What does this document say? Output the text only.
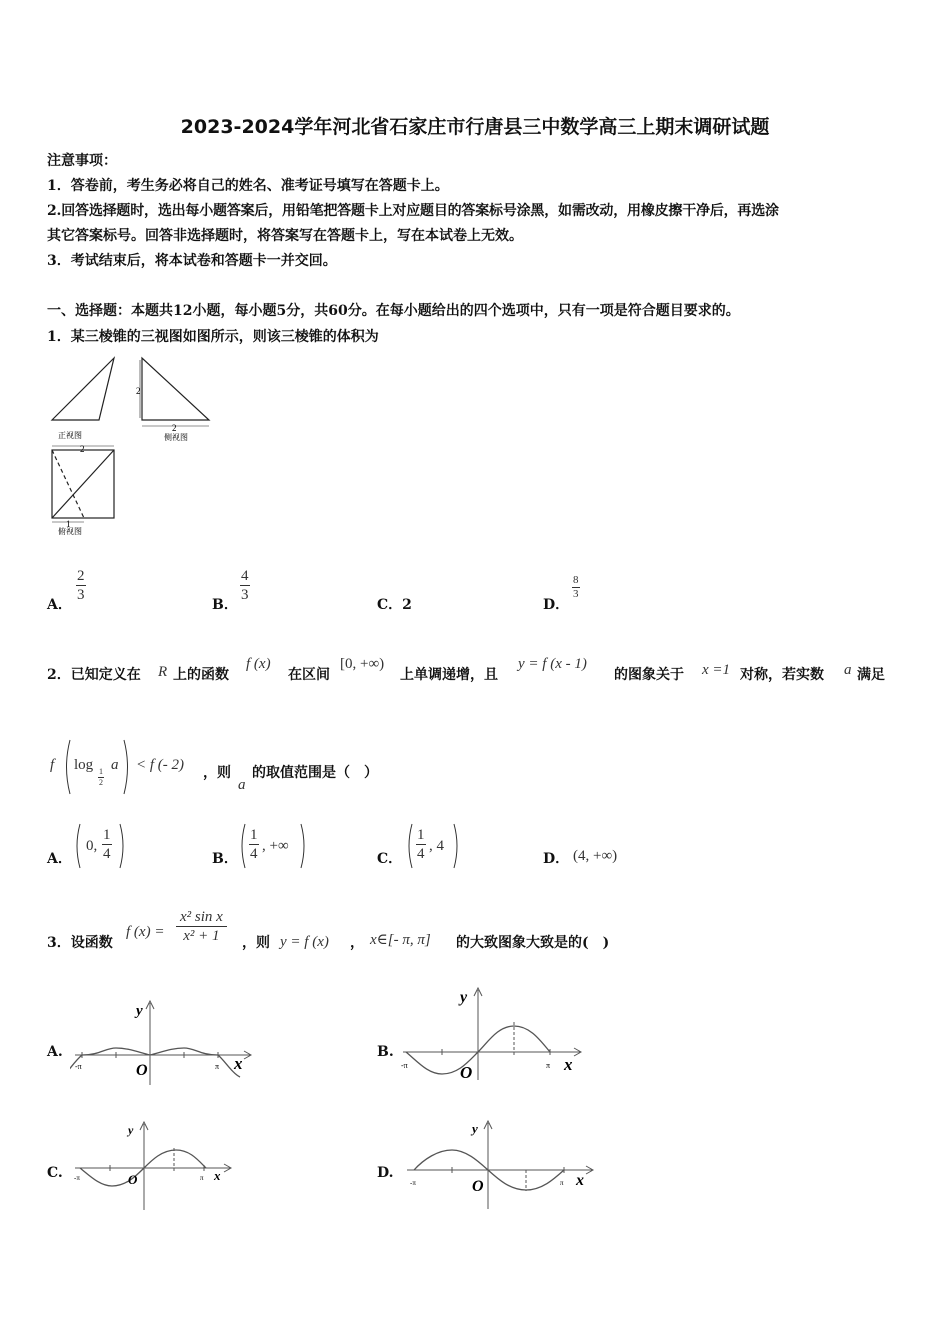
2023-2024学年河北省石家庄市行唐县三中数学高三上期末调研试题
注意事项：
1．答卷前，考生务必将自己的姓名、准考证号填写在答题卡上。
2.回答选择题时，选出每小题答案后，用铅笔把答题卡上对应题目的答案标号涂黑，如需改动，用橡皮擦干净后，再选涂
其它答案标号。回答非选择题时，将答案写在答题卡上，写在本试卷上无效。
3．考试结束后，将本试卷和答题卡一并交回。
一、选择题：本题共12小题，每小题5分，共60分。在每小题给出的四个选项中，只有一项是符合题目要求的。
1．某三棱锥的三视图如图所示，则该三棱锥的体积为
2
2
2
1
正视图	侧视图
俯视图
A．
$\frac{2}{3}$
B．
$\frac{4}{3}$
C．2	D．
$\frac{8}{3}$
2．已知定义在 R 上的函数
f (x)
在区间
[0, +∞)
上单调递增，且
y = f (x - 1)
的图象关于 x =1 对称，若实数 a 满足
f log
$\frac{1}{2}$
a < f (- 2) ，则
a
的取值范围是（　）
A．
0, $\frac{1}{4}$	B． $\frac{1}{4}$ , +∞
C． $\frac{1}{4}$ , 4
D． (4, +∞)
3．设函数
f $(x) = \frac{\text{x² sin x}}{\text{x² + 1}}$ ，则 y = f (x) ， x∈[- π, π] 的大致图象大致是的(　)
A.	B.
C.	D.
y
x
O
-π	π
y
x
O
-π	π
y
x
O
-π	π
y
x
O
-π	π
